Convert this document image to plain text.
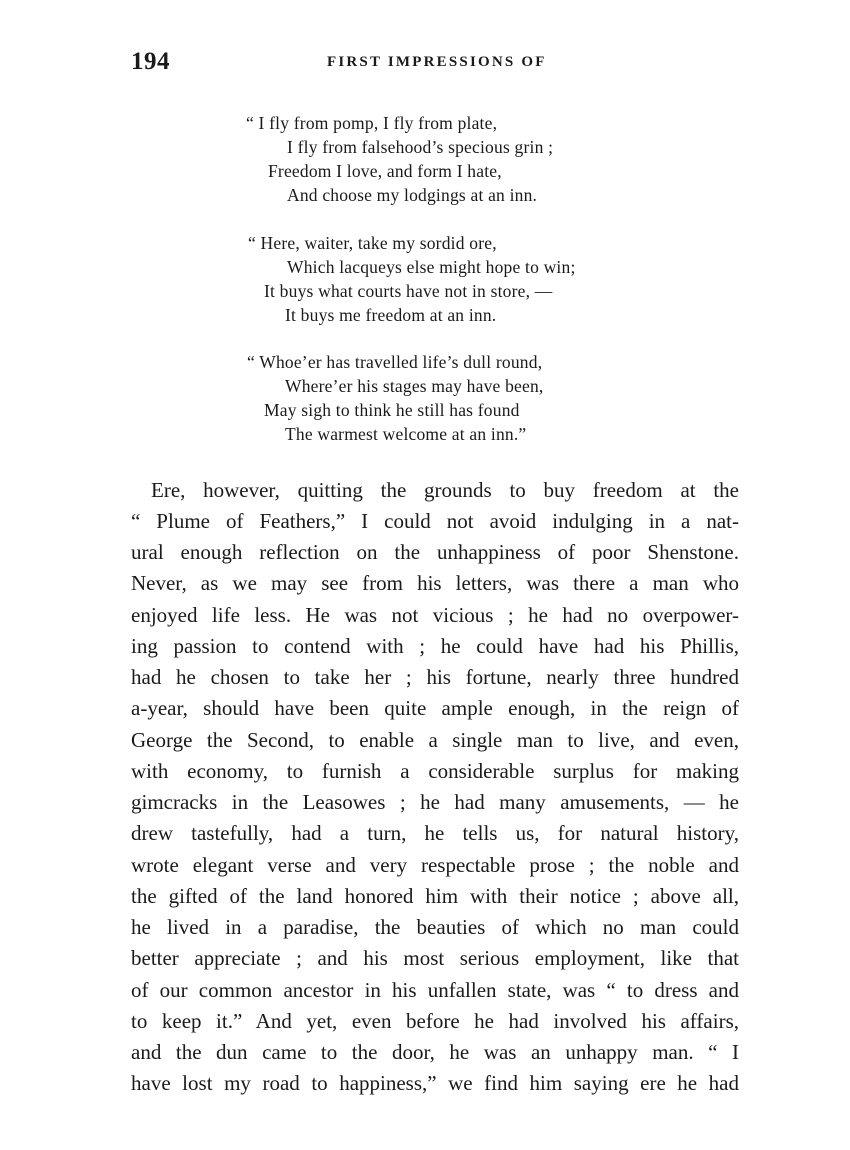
194	FIRST IMPRESSIONS OF
“ I fly from pomp, I fly from plate,
I fly from falsehood’s specious grin ;
Freedom I love, and form I hate,
And choose my lodgings at an inn.
“ Here, waiter, take my sordid ore,
Which lacqueys else might hope to win;
It buys what courts have not in store, —
It buys me freedom at an inn.
“ Whoe’er has travelled life’s dull round,
Where’er his stages may have been,
May sigh to think he still has found
The warmest welcome at an inn.”
Ere, however, quitting the grounds to buy freedom at the
“ Plume of Feathers,” I could not avoid indulging in a nat-
ural enough reflection on the unhappiness of poor Shenstone.
Never, as we may see from his letters, was there a man who
enjoyed life less. He was not vicious ; he had no overpower-
ing passion to contend with ; he could have had his Phillis,
had he chosen to take her ; his fortune, nearly three hundred
a-year, should have been quite ample enough, in the reign of
George the Second, to enable a single man to live, and even,
with economy, to furnish a considerable surplus for making
gimcracks in the Leasowes ; he had many amusements, — he
drew tastefully, had a turn, he tells us, for natural history,
wrote elegant verse and very respectable prose ; the noble and
the gifted of the land honored him with their notice ; above all,
he lived in a paradise, the beauties of which no man could
better appreciate ; and his most serious employment, like that
of our common ancestor in his unfallen state, was “ to dress and
to keep it.” And yet, even before he had involved his affairs,
and the dun came to the door, he was an unhappy man. “ I
have lost my road to happiness,” we find him saying ere he had
